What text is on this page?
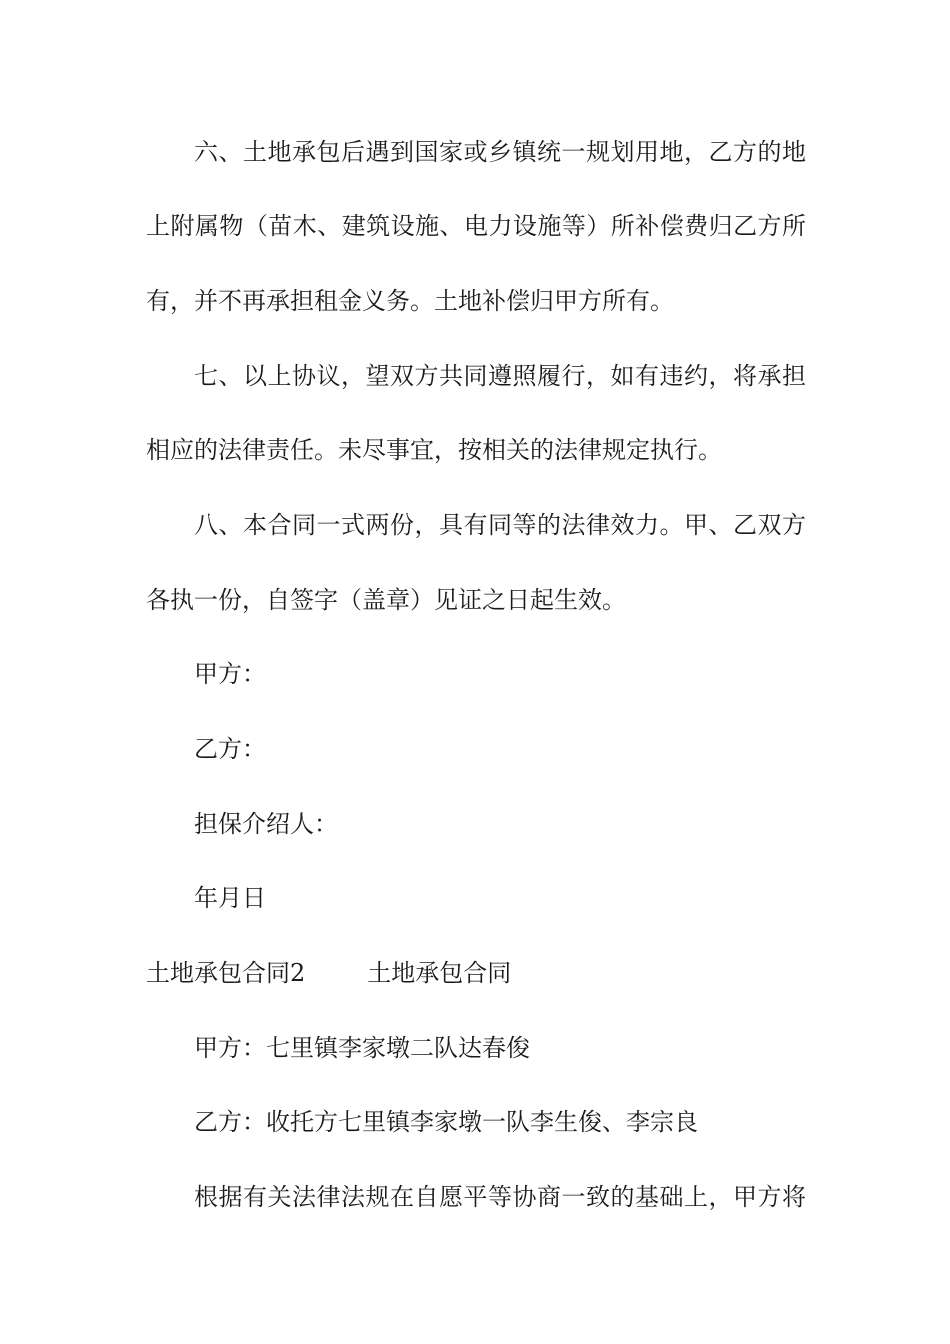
六、土地承包后遇到国家或乡镇统一规划用地，乙方的地
上附属物（苗木、建筑设施、电力设施等）所补偿费归乙方所
有，并不再承担租金义务。土地补偿归甲方所有。
七、以上协议，望双方共同遵照履行，如有违约，将承担
相应的法律责任。未尽事宜，按相关的法律规定执行。
八、本合同一式两份，具有同等的法律效力。甲、乙双方
各执一份，自签字（盖章）见证之日起生效。
甲方：
乙方：
担保介绍人：
年月日
土地承包合同2	土地承包合同
甲方：七里镇李家墩二队达春俊
乙方：收托方七里镇李家墩一队李生俊、李宗良
根据有关法律法规在自愿平等协商一致的基础上，甲方将
